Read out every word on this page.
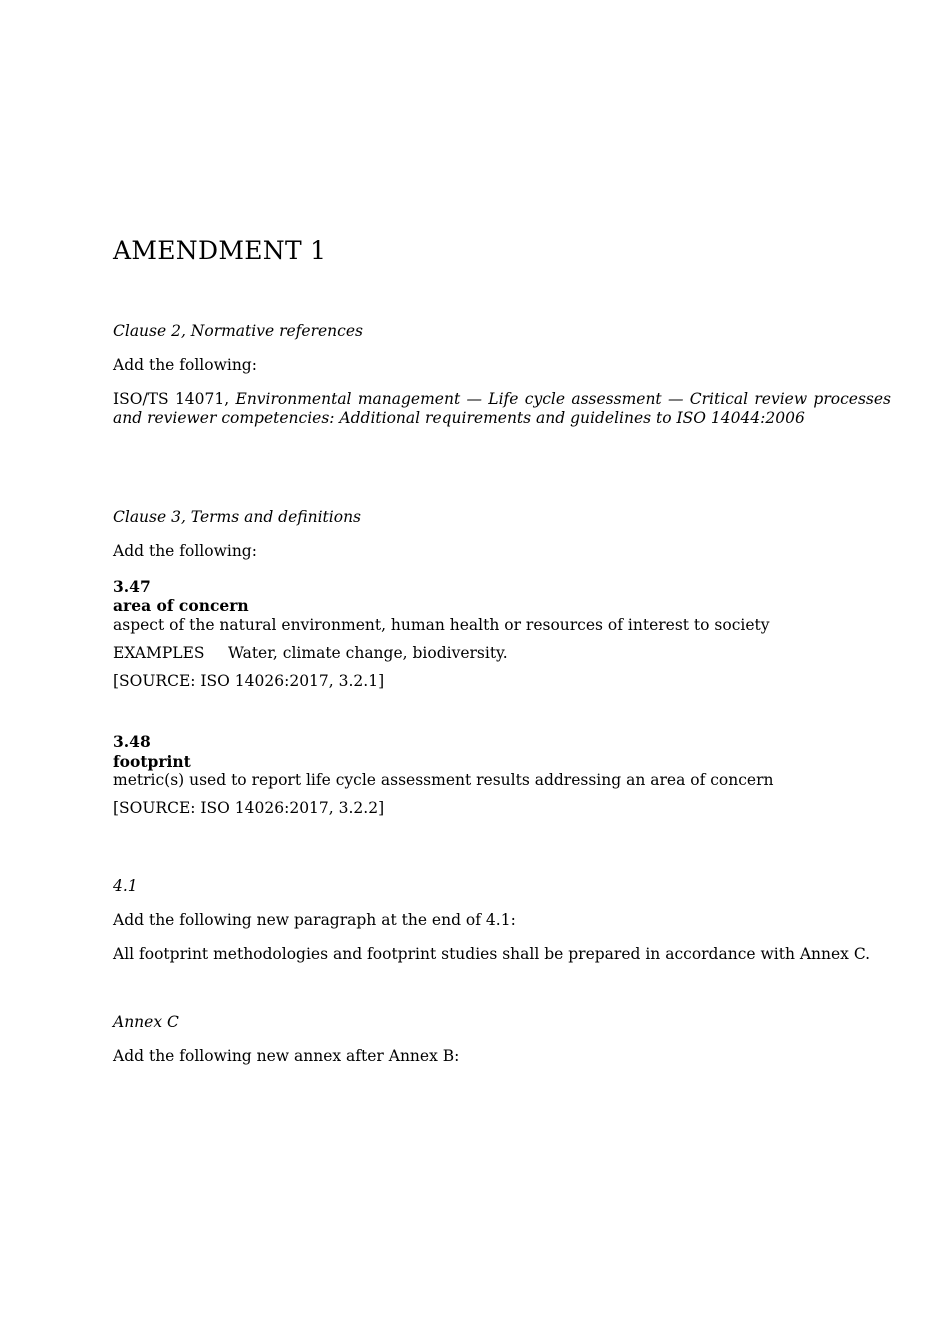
AMENDMENT 1

Clause 2, Normative references

Add the following:

ISO/TS 14071, Environmental management — Life cycle assessment — Critical review processes and reviewer competencies: Additional requirements and guidelines to ISO 14044:2006

Clause 3, Terms and definitions

Add the following:

3.47

area of concern

aspect of the natural environment, human health or resources of interest to society

EXAMPLES Water, climate change, biodiversity.

[SOURCE: ISO 14026:2017, 3.2.1]

3.48

footprint

metric(s) used to report life cycle assessment results addressing an area of concern

[SOURCE: ISO 14026:2017, 3.2.2]

4.1

Add the following new paragraph at the end of 4.1:

All footprint methodologies and footprint studies shall be prepared in accordance with Annex C.

Annex C

Add the following new annex after Annex B:
